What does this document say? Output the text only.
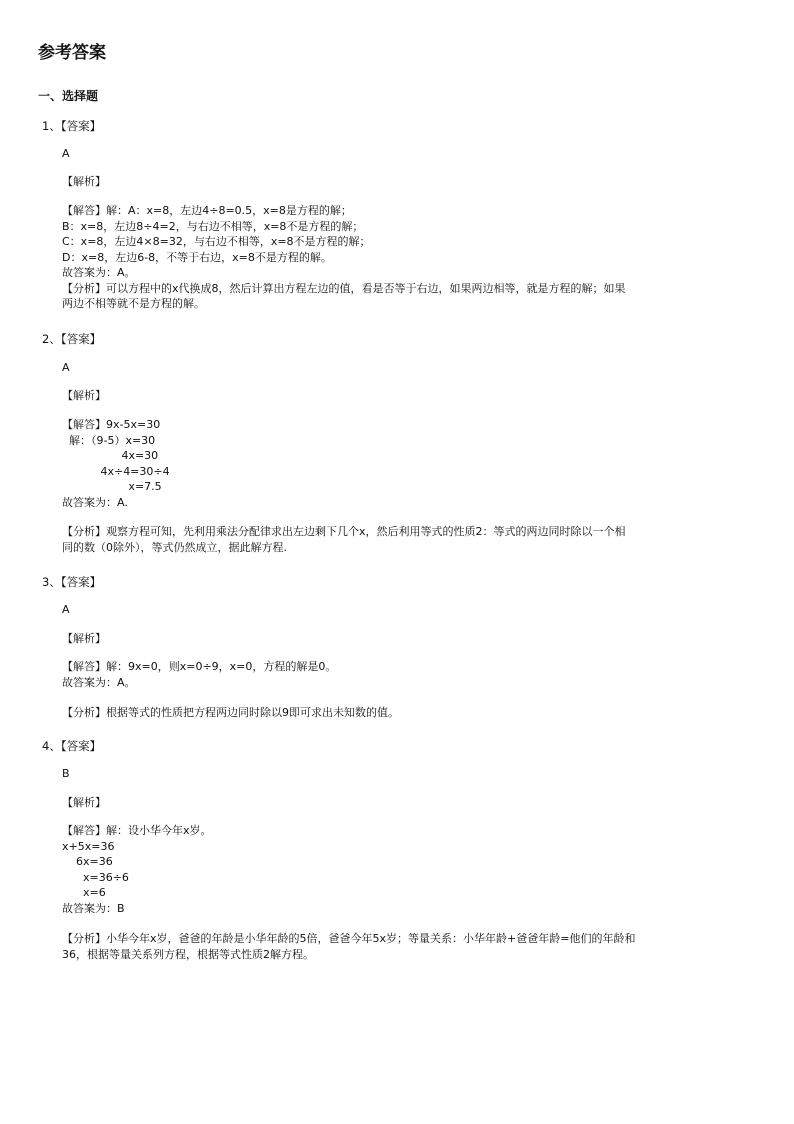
参考答案
一、选择题
1、【答案】
A
【解析】
【解答】解：A：x=8，左边4÷8=0.5，x=8是方程的解；
B：x=8，左边8÷4=2，与右边不相等，x=8不是方程的解；
C：x=8，左边4×8=32，与右边不相等，x=8不是方程的解；
D：x=8，左边6-8，不等于右边，x=8不是方程的解。
故答案为：A。
【分析】可以方程中的x代换成8，然后计算出方程左边的值，看是否等于右边，如果两边相等，就是方程的解；如果
两边不相等就不是方程的解。
2、【答案】
A
【解析】
【解答】9x-5x=30
解：（9-5）x=30
4x=30
4x÷4=30÷4
x=7.5
故答案为：A.
【分析】观察方程可知，先利用乘法分配律求出左边剩下几个x，然后利用等式的性质2：等式的两边同时除以一个相
同的数（0除外），等式仍然成立，据此解方程.
3、【答案】
A
【解析】
【解答】解：9x=0，则x=0÷9，x=0，方程的解是0。
故答案为：A。
【分析】根据等式的性质把方程两边同时除以9即可求出未知数的值。
4、【答案】
B
【解析】
【解答】解：设小华今年x岁。
x+5x=36
6x=36
x=36÷6
x=6
故答案为：B
【分析】小华今年x岁，爸爸的年龄是小华年龄的5倍，爸爸今年5x岁；等量关系：小华年龄+爸爸年龄=他们的年龄和
36，根据等量关系列方程，根据等式性质2解方程。
